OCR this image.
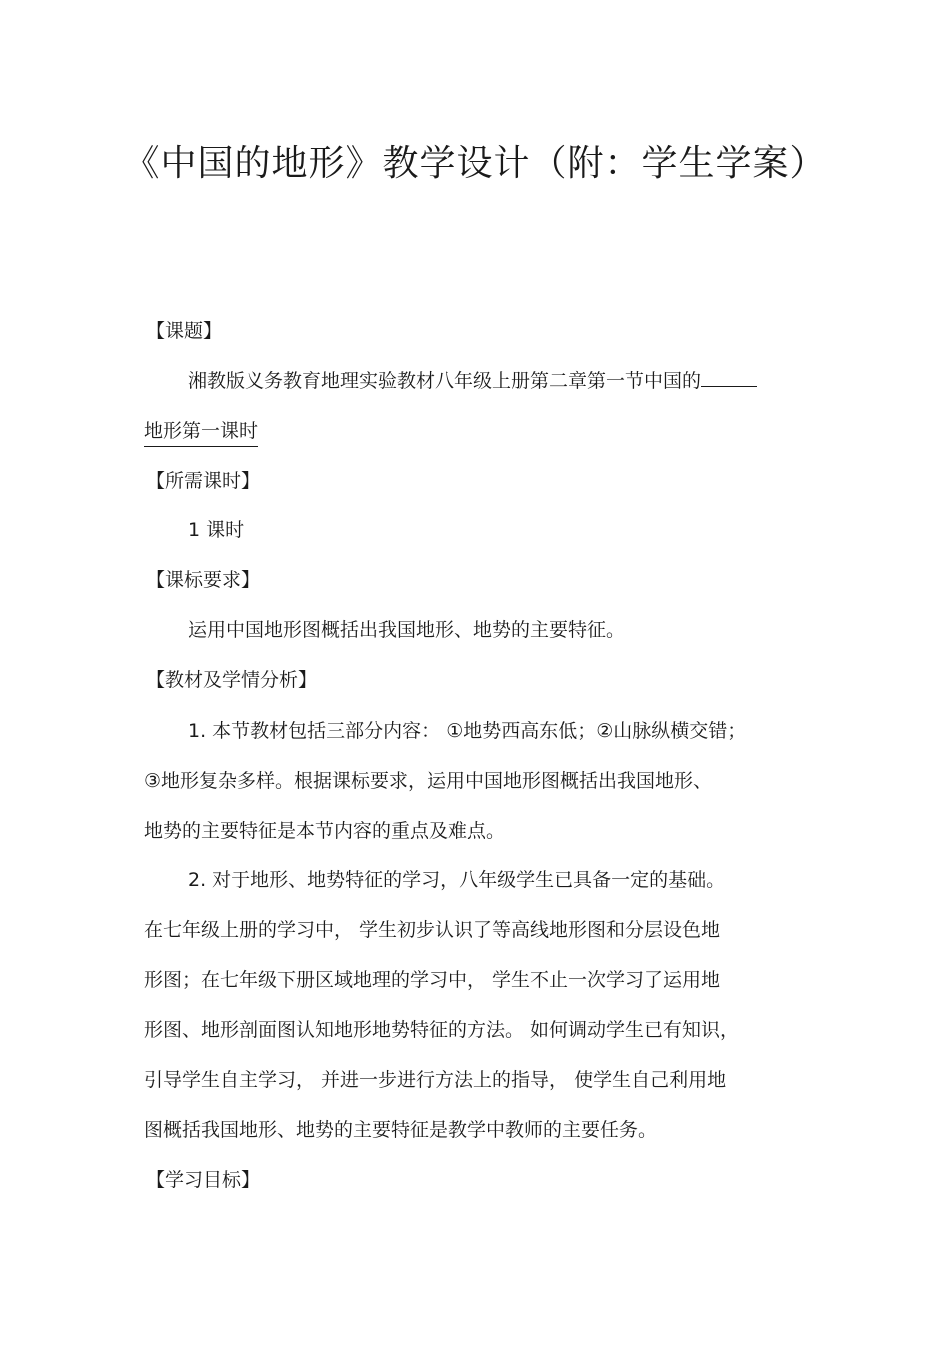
《中国的地形》教学设计（附：学生学案）
【课题】
湘教版义务教育地理实验教材八年级上册第二章第一节中国的
地形第一课时
【所需课时】
1 课时
【课标要求】
运用中国地形图概括出我国地形、地势的主要特征。
【教材及学情分析】
1. 本节教材包括三部分内容： ①地势西高东低；②山脉纵横交错；
③地形复杂多样。根据课标要求，运用中国地形图概括出我国地形、
地势的主要特征是本节内容的重点及难点。
2. 对于地形、地势特征的学习，八年级学生已具备一定的基础。
在七年级上册的学习中， 学生初步认识了等高线地形图和分层设色地
形图；在七年级下册区域地理的学习中， 学生不止一次学习了运用地
形图、地形剖面图认知地形地势特征的方法。 如何调动学生已有知识，
引导学生自主学习， 并进一步进行方法上的指导， 使学生自己利用地
图概括我国地形、地势的主要特征是教学中教师的主要任务。
【学习目标】
